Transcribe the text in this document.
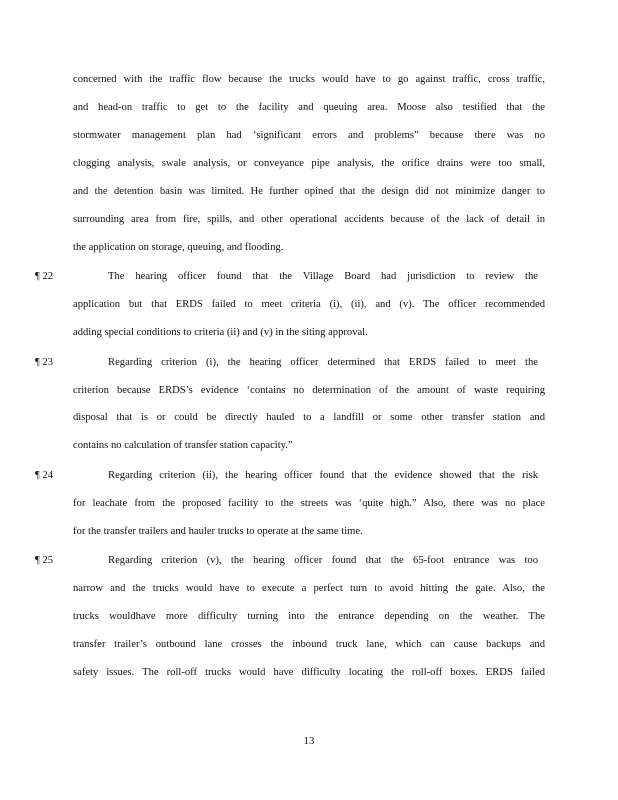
concerned with the traffic flow because the trucks would have to go against traffic, cross traffic,
and head-on traffic to get to the facility and queuing area. Moose also testified that the
stormwater management plan had ‘significant errors and problems” because there was no
clogging analysis, swale analysis, or conveyance pipe analysis, the orifice drains were too small,
and the detention basin was limited. He further opined that the design did not minimize danger to
surrounding area from fire, spills, and other operational accidents because of the lack of detail in
the application on storage, queuing, and flooding.
¶ 22	The hearing officer found that the Village Board had jurisdiction to review the
application but that ERDS failed to meet criteria (i), (ii), and (v). The officer recommended
adding special conditions to criteria (ii) and (v) in the siting approval.
¶ 23	Regarding criterion (i), the hearing officer determined that ERDS failed to meet the
criterion because ERDS’s evidence ‘contains no determination of the amount of waste requiring
disposal that is or could be directly hauled to a landfill or some other transfer station and
contains no calculation of transfer station capacity.”
¶ 24	Regarding criterion (ii), the hearing officer found that the evidence showed that the risk
for leachate from the proposed facility to the streets was ‘quite high.” Also, there was no place
for the transfer trailers and hauler trucks to operate at the same time.
¶ 25	Regarding criterion (v), the hearing officer found that the 65-foot entrance was too
narrow and the trucks would have to execute a perfect turn to avoid hitting the gate. Also, the
trucks wouldhave more difficulty turning into the entrance depending on the weather. The
transfer trailer’s outbound lane crosses the inbound truck lane, which can cause backups and
safety issues. The roll-off trucks would have difficulty locating the roll-off boxes. ERDS failed
13
